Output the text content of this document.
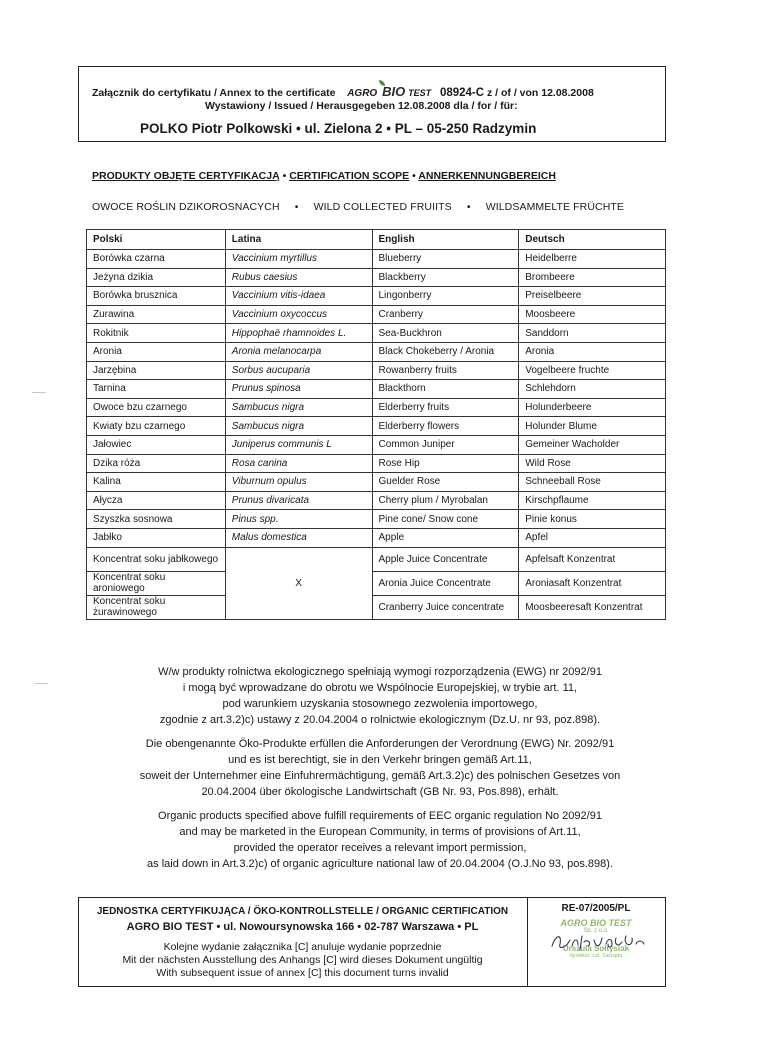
Załącznik do certyfikatu / Annex to the certificate AGRO BIO TEST 08924-C z / of / von 12.08.2008
Wystawiony / Issued / Herausgegeben 12.08.2008 dla / for / für:
POLKO Piotr Polkowski • ul. Zielona 2 • PL – 05-250 Radzymin
PRODUKTY OBJĘTE CERTYFIKACJĄ • CERTIFICATION SCOPE • ANNERKENNUNGBEREICH
OWOCE ROŚLIN DZIKOROSNACYCH • WILD COLLECTED FRUIITS • WILDSAMMELTE FRÜCHTE
Polski	Latina	English	Deutsch
Borówka czarna	Vaccinium myrtillus	Blueberry	Heidelberre
Jeżyna dzikia	Rubus caesius	Blackberry	Brombeere
Borówka brusznica	Vaccinium vitis-idaea	Lingonberry	Preiselbeere
Zurawina	Vaccinium oxycoccus	Cranberry	Moosbeere
Rokitnik	Hippophaë rhamnoides L.	Sea-Buckhron	Sanddorn
Aronia	Aronia melanocarpa	Black Chokeberry / Aronia	Aronia
Jarzębina	Sorbus aucuparia	Rowanberry fruits	Vogelbeere fruchte
Tarnina	Prunus spinosa	Blackthorn	Schlehdorn
Owoce bzu czarnego	Sambucus nigra	Elderberry fruits	Holunderbeere
Kwiaty bzu czarnego	Sambucus nigra	Elderberry flowers	Holunder Blume
Jałowiec	Juniperus communis L	Common Juniper	Gemeiner Wacholder
Dzika róża	Rosa canina	Rose Hip	Wild Rose
Kalina	Viburnum opulus	Guelder Rose	Schneeball Rose
Ałycza	Prunus divaricata	Cherry plum / Myrobalan	Kirschpflaume
Szyszka sosnowa	Pinus spp.	Pine cone/ Snow cone	Pinie konus
Jabłko	Malus domestica	Apple	Apfel
Koncentrat soku jabłkowego	X	Apple Juice Concentrate	Apfelsaft Konzentrat
Koncentrat soku aroniowego		Aronia Juice Concentrate	Aroniasaft Konzentrat
Koncentrat soku żurawinowego		Cranberry Juice concentrate	Moosbeeresaft Konzentrat
W/w produkty rolnictwa ekologicznego spełniają wymogi rozporządzenia (EWG) nr 2092/91
i mogą być wprowadzane do obrotu we Wspólnocie Europejskiej, w trybie art. 11,
pod warunkiem uzyskania stosownego zezwolenia importowego,
zgodnie z art.3.2)c) ustawy z 20.04.2004 o rolnictwie ekologicznym (Dz.U. nr 93, poz.898).
Die obengenannte Öko-Produkte erfüllen die Anforderungen der Verordnung (EWG) Nr. 2092/91
und es ist berechtigt, sie in den Verkehr bringen gemäß Art.11,
soweit der Unternehmer eine Einfuhrermächtigung, gemäß Art.3.2)c) des polnischen Gesetzes von
20.04.2004 über ökologische Landwirtschaft (GB Nr. 93, Pos.898), erhält.
Organic products specified above fulfill requirements of EEC organic regulation No 2092/91
and may be marketed in the European Community, in terms of provisions of Art.11,
provided the operator receives a relevant import permission,
as laid down in Art.3.2)c) of organic agriculture national law of 20.04.2004 (O.J.No 93, pos.898).
JEDNOSTKA CERTYFIKUJĄCA / ÖKO-KONTROLLSTELLE / ORGANIC CERTIFICATION
AGRO BIO TEST • ul. Nowoursynowska 166 • 02-787 Warszawa • PL
Kolejne wydanie załącznika [C] anuluje wydanie poprzednie
Mit der nächsten Ausstellung des Anhangs [C] wird dieses Dokument ungültig
With subsequent issue of annex [C] this document turns invalid
RE-07/2005/PL
AGRO BIO TEST
Sp. z o.o.
Urszula Sołtysiak
dyrektor, czł. Zarządu
